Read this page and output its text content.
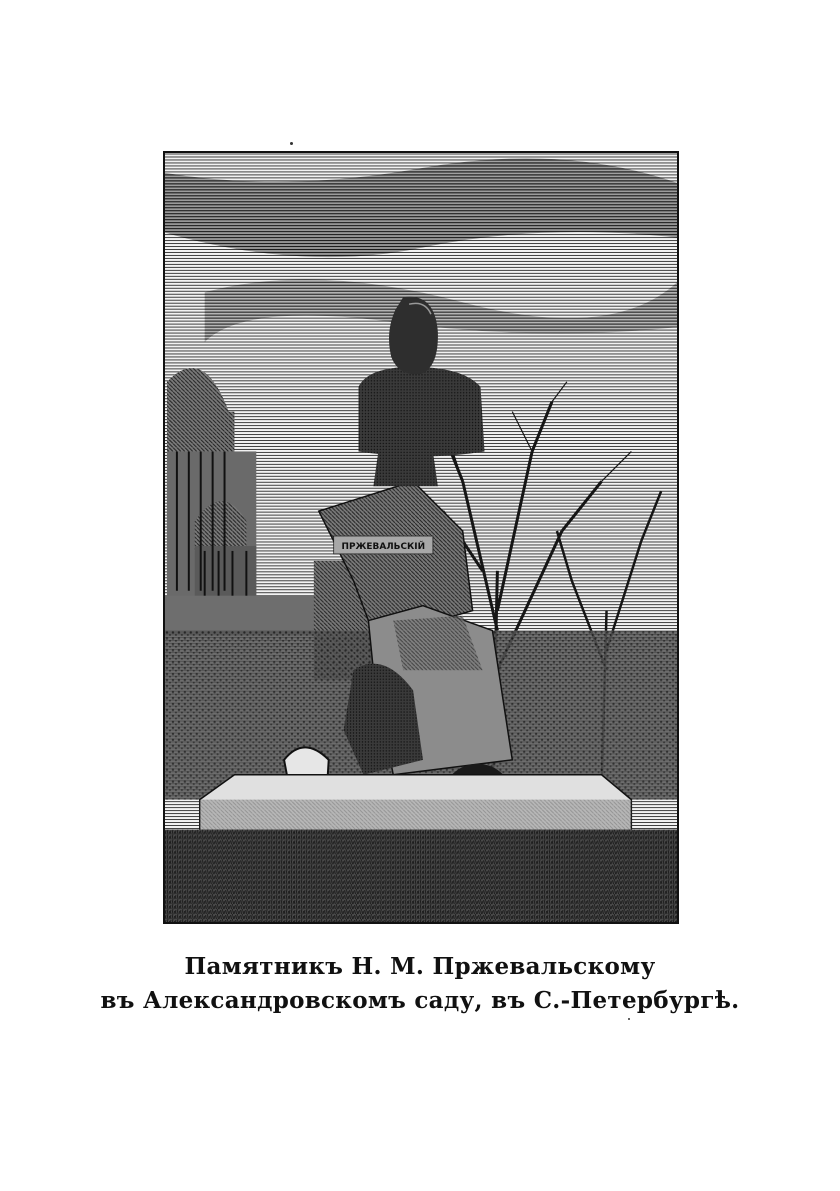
ПРЖЕВАЛЬСКІЙ
Памятникъ Н. М. Пржевальскому
въ Александровскомъ саду, въ С.-Петербургѣ.
